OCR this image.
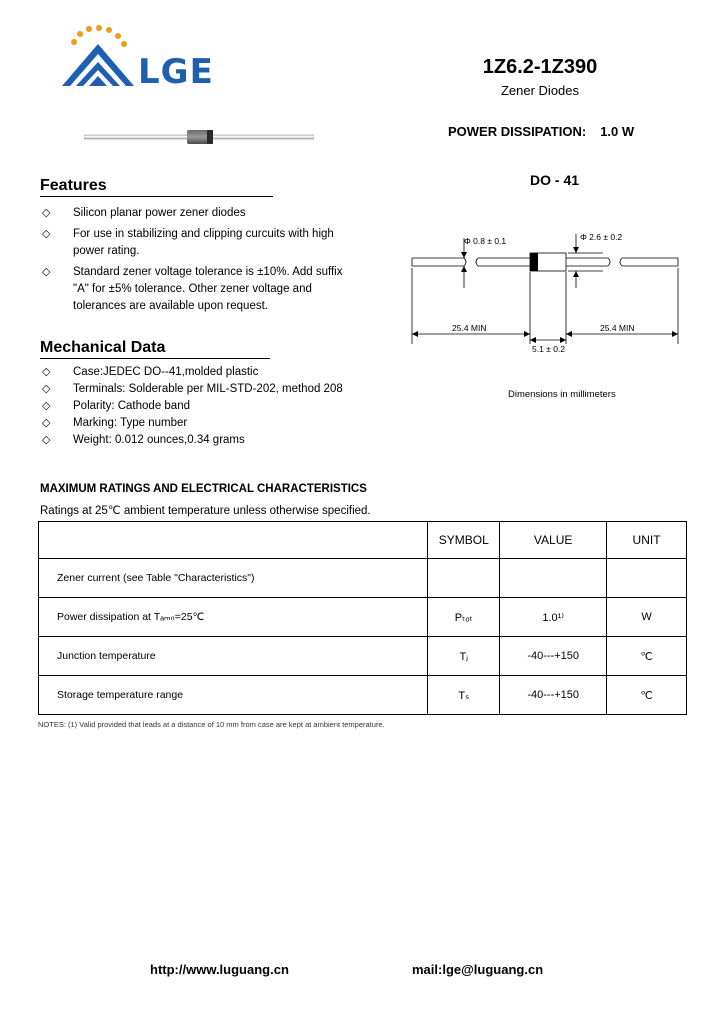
LGE	1Z6.2-1Z390
Zener Diodes
POWER DISSIPATION: 1.0 W
DO - 41
Features
◇ Silicon planar power zener diodes
◇ For use in stabilizing and clipping curcuits with high power rating.
◇ Standard zener voltage tolerance is ±10%. Add suffix "A" for ±5% tolerance. Other zener voltage and tolerances are available upon request.
Mechanical Data
◇ Case:JEDEC DO--41,molded plastic
◇ Terminals: Solderable per MIL-STD-202, method 208
◇ Polarity: Cathode band
◇ Marking: Type number
◇ Weight: 0.012 ounces,0.34 grams
Φ 0.8 ± 0.1	Φ 2.6 ± 0.2
25.4 MIN	25.4 MIN
5.1 ± 0.2
Dimensions in millimeters
MAXIMUM RATINGS AND ELECTRICAL CHARACTERISTICS
Ratings at 25℃ ambient temperature unless otherwise specified.
	SYMBOL	VALUE	UNIT
Zener current (see Table "Characteristics")			
Power dissipation at Tₐₘₙ=25℃	Pₜₒₜ	1.0¹⁾	W
Junction temperature	Tⱼ	-40---+150	℃
Storage temperature range	Tₛ	-40---+150	℃
NOTES: (1) Valid provided that leads at a distance of 10 mm from case are kept at ambient temperature.
http://www.luguang.cn	mail:lge@luguang.cn
